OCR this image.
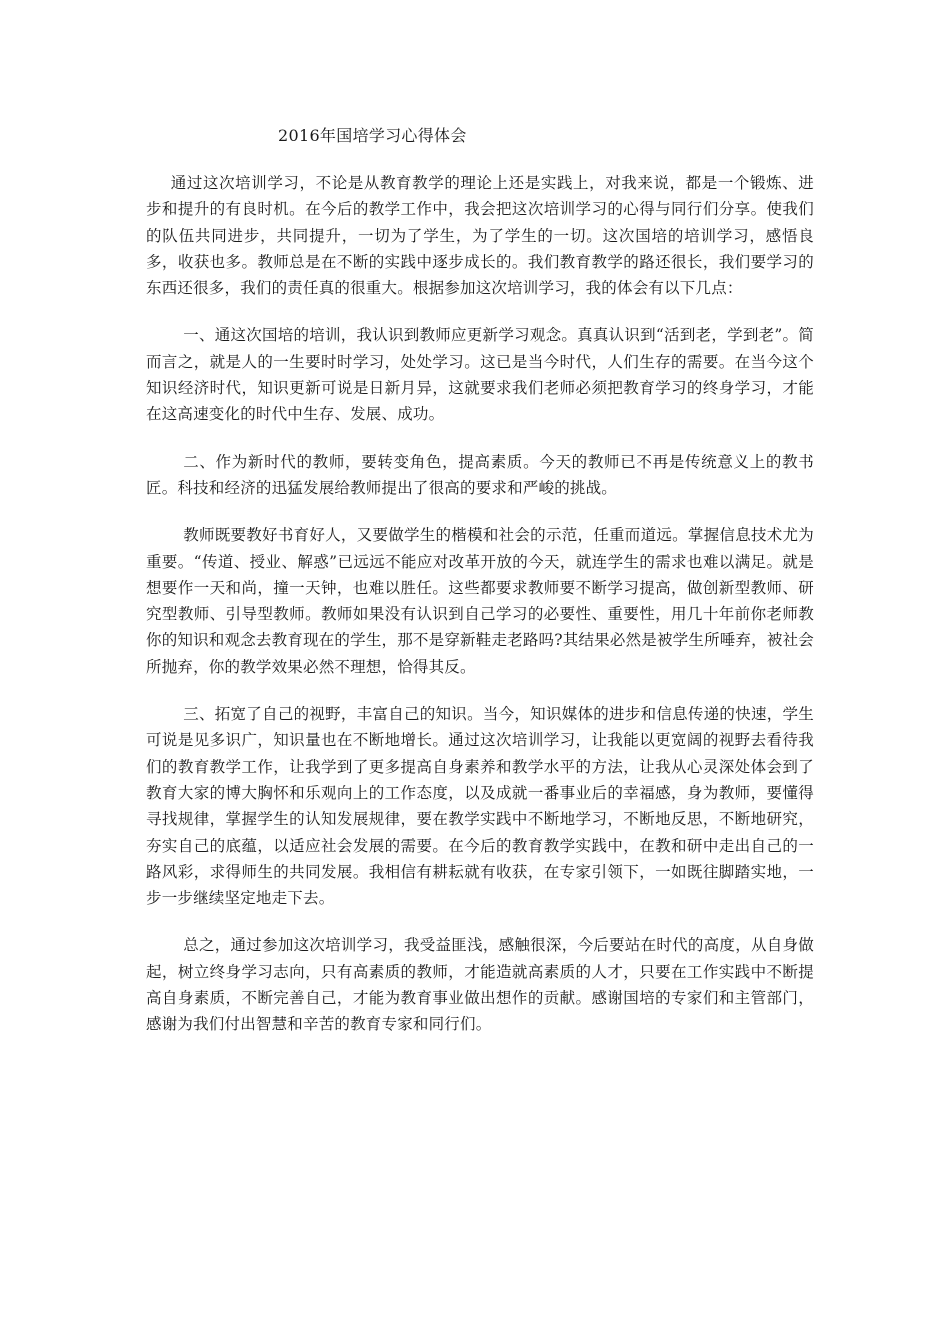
2016年国培学习心得体会

通过这次培训学习，不论是从教育教学的理论上还是实践上，对我来说，都是一个锻炼、进步和提升的有良时机。在今后的教学工作中，我会把这次培训学习的心得与同行们分享。使我们的队伍共同进步，共同提升，一切为了学生，为了学生的一切。这次国培的培训学习，感悟良多，收获也多。教师总是在不断的实践中逐步成长的。我们教育教学的路还很长，我们要学习的东西还很多，我们的责任真的很重大。根据参加这次培训学习，我的体会有以下几点：

一、通这次国培的培训，我认识到教师应更新学习观念。真真认识到“活到老，学到老”。简而言之，就是人的一生要时时学习，处处学习。这已是当今时代，人们生存的需要。在当今这个知识经济时代，知识更新可说是日新月异，这就要求我们老师必须把教育学习的终身学习，才能在这高速变化的时代中生存、发展、成功。

二、作为新时代的教师，要转变角色，提高素质。今天的教师已不再是传统意义上的教书匠。科技和经济的迅猛发展给教师提出了很高的要求和严峻的挑战。

教师既要教好书育好人，又要做学生的楷模和社会的示范，任重而道远。掌握信息技术尤为重要。“传道、授业、解惑”已远远不能应对改革开放的今天，就连学生的需求也难以满足。就是想要作一天和尚，撞一天钟，也难以胜任。这些都要求教师要不断学习提高，做创新型教师、研究型教师、引导型教师。教师如果没有认识到自己学习的必要性、重要性，用几十年前你老师教你的知识和观念去教育现在的学生，那不是穿新鞋走老路吗?其结果必然是被学生所唾弃，被社会所抛弃，你的教学效果必然不理想，恰得其反。

三、拓宽了自己的视野，丰富自己的知识。当今，知识媒体的进步和信息传递的快速，学生可说是见多识广，知识量也在不断地增长。通过这次培训学习，让我能以更宽阔的视野去看待我们的教育教学工作，让我学到了更多提高自身素养和教学水平的方法，让我从心灵深处体会到了教育大家的博大胸怀和乐观向上的工作态度，以及成就一番事业后的幸福感，身为教师，要懂得寻找规律，掌握学生的认知发展规律，要在教学实践中不断地学习，不断地反思，不断地研究，夯实自己的底蕴，以适应社会发展的需要。在今后的教育教学实践中，在教和研中走出自己的一路风彩，求得师生的共同发展。我相信有耕耘就有收获，在专家引领下，一如既往脚踏实地，一步一步继续坚定地走下去。

总之，通过参加这次培训学习，我受益匪浅，感触很深，今后要站在时代的高度，从自身做起，树立终身学习志向，只有高素质的教师，才能造就高素质的人才，只要在工作实践中不断提高自身素质，不断完善自己，才能为教育事业做出想作的贡献。感谢国培的专家们和主管部门，感谢为我们付出智慧和辛苦的教育专家和同行们。
